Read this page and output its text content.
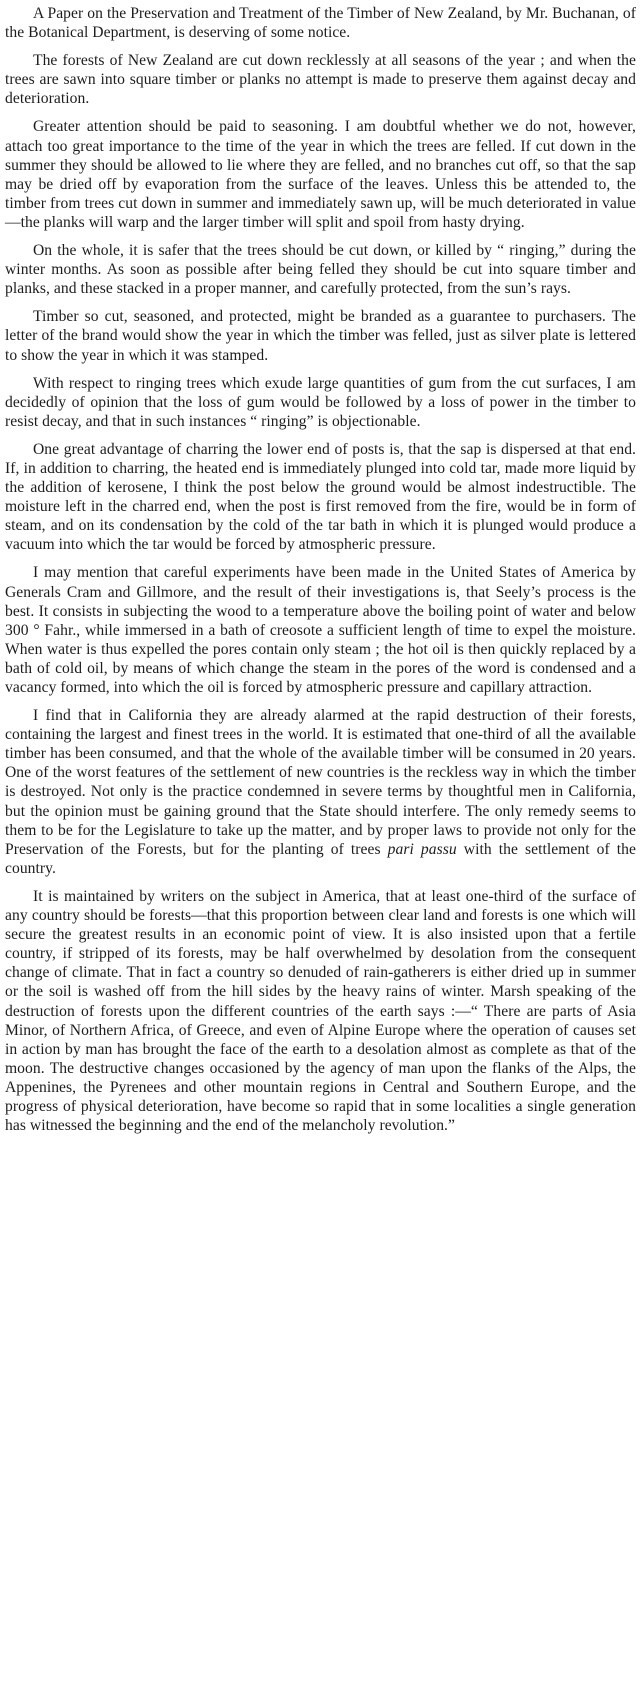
A Paper on the Preservation and Treatment of the Timber of New Zealand, by Mr. Buchanan, of the Botanical Department, is deserving of some notice.

The forests of New Zealand are cut down recklessly at all seasons of the year ; and when the trees are sawn into square timber or planks no attempt is made to preserve them against decay and deterioration.

Greater attention should be paid to seasoning. I am doubtful whether we do not, however, attach too great importance to the time of the year in which the trees are felled. If cut down in the summer they should be allowed to lie where they are felled, and no branches cut off, so that the sap may be dried off by evaporation from the surface of the leaves. Unless this be attended to, the timber from trees cut down in summer and immediately sawn up, will be much deteriorated in value—the planks will warp and the larger timber will split and spoil from hasty drying.

On the whole, it is safer that the trees should be cut down, or killed by “ ringing,” during the winter months. As soon as possible after being felled they should be cut into square timber and planks, and these stacked in a proper manner, and carefully protected, from the sun’s rays.

Timber so cut, seasoned, and protected, might be branded as a guarantee to purchasers. The letter of the brand would show the year in which the timber was felled, just as silver plate is lettered to show the year in which it was stamped.

With respect to ringing trees which exude large quantities of gum from the cut surfaces, I am decidedly of opinion that the loss of gum would be followed by a loss of power in the timber to resist decay, and that in such instances “ ringing” is objectionable.

One great advantage of charring the lower end of posts is, that the sap is dispersed at that end. If, in addition to charring, the heated end is immediately plunged into cold tar, made more liquid by the addition of kerosene, I think the post below the ground would be almost indestructible. The moisture left in the charred end, when the post is first removed from the fire, would be in form of steam, and on its condensation by the cold of the tar bath in which it is plunged would produce a vacuum into which the tar would be forced by atmospheric pressure.

I may mention that careful experiments have been made in the United States of America by Generals Cram and Gillmore, and the result of their investigations is, that Seely’s process is the best. It consists in subjecting the wood to a temperature above the boiling point of water and below 300 ° Fahr., while immersed in a bath of creosote a sufficient length of time to expel the moisture. When water is thus expelled the pores contain only steam ; the hot oil is then quickly replaced by a bath of cold oil, by means of which change the steam in the pores of the word is condensed and a vacancy formed, into which the oil is forced by atmospheric pressure and capillary attraction.

I find that in California they are already alarmed at the rapid destruction of their forests, containing the largest and finest trees in the world. It is estimated that one-third of all the available timber has been consumed, and that the whole of the available timber will be consumed in 20 years. One of the worst features of the settlement of new countries is the reckless way in which the timber is destroyed. Not only is the practice condemned in severe terms by thoughtful men in California, but the opinion must be gaining ground that the State should interfere. The only remedy seems to them to be for the Legislature to take up the matter, and by proper laws to provide not only for the Preservation of the Forests, but for the planting of trees pari passu with the settlement of the country.

It is maintained by writers on the subject in America, that at least one-third of the surface of any country should be forests—that this proportion between clear land and forests is one which will secure the greatest results in an economic point of view. It is also insisted upon that a fertile country, if stripped of its forests, may be half overwhelmed by desolation from the consequent change of climate. That in fact a country so denuded of rain-gatherers is either dried up in summer or the soil is washed off from the hill sides by the heavy rains of winter. Marsh speaking of the destruction of forests upon the different countries of the earth says :—“ There are parts of Asia Minor, of Northern Africa, of Greece, and even of Alpine Europe where the operation of causes set in action by man has brought the face of the earth to a desolation almost as complete as that of the moon. The destructive changes occasioned by the agency of man upon the flanks of the Alps, the Appenines, the Pyrenees and other mountain regions in Central and Southern Europe, and the progress of physical deterioration, have become so rapid that in some localities a single generation has witnessed the beginning and the end of the melancholy revolution.”
